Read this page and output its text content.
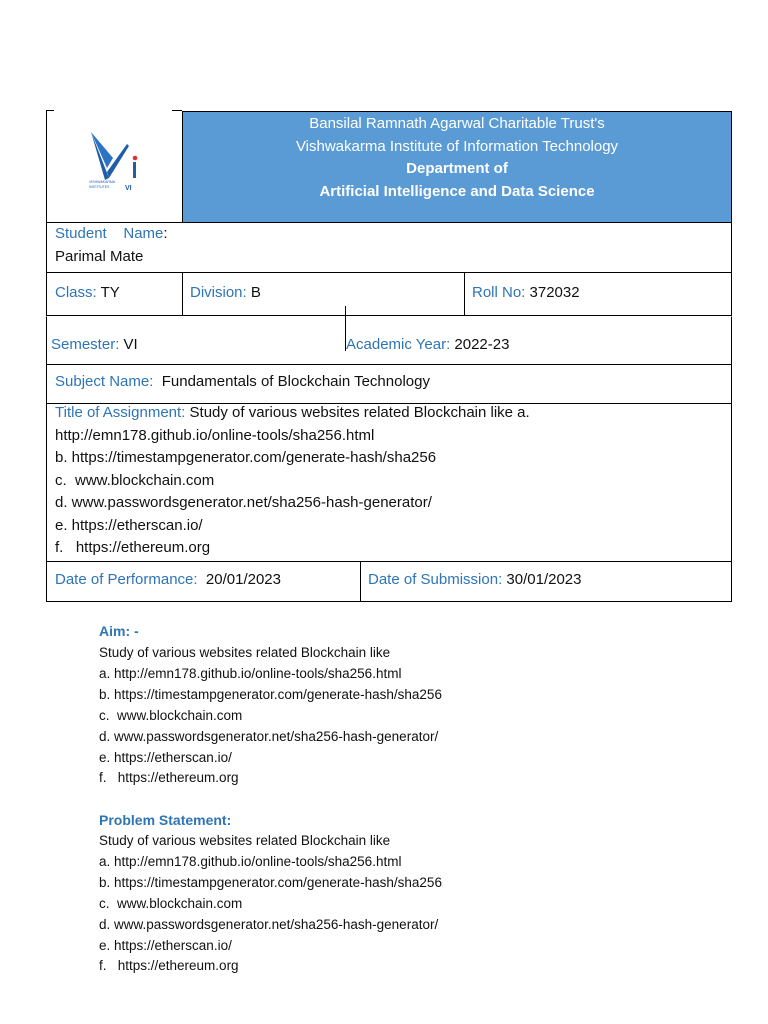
VISHWAKARMA
INSTITUTES VI
Bansilal Ramnath Agarwal Charitable Trust's
Vishwakarma Institute of Information Technology
Department of
Artificial Intelligence and Data Science
Student    Name:
Parimal Mate
Class: TY	Division: B	Roll No: 372032
Semester: VI	Academic Year: 2022-23
Subject Name: Fundamentals of Blockchain Technology
Title of Assignment: Study of various websites related Blockchain like a.
http://emn178.github.io/online-tools/sha256.html
b. https://timestampgenerator.com/generate-hash/sha256
c.  www.blockchain.com
d. www.passwordsgenerator.net/sha256-hash-generator/
e. https://etherscan.io/
f.   https://ethereum.org
Date of Performance: 20/01/2023	Date of Submission: 30/01/2023
Aim: -
Study of various websites related Blockchain like
a. http://emn178.github.io/online-tools/sha256.html
b. https://timestampgenerator.com/generate-hash/sha256
c.  www.blockchain.com
d. www.passwordsgenerator.net/sha256-hash-generator/
e. https://etherscan.io/
f.   https://ethereum.org
Problem Statement:
Study of various websites related Blockchain like
a. http://emn178.github.io/online-tools/sha256.html
b. https://timestampgenerator.com/generate-hash/sha256
c.  www.blockchain.com
d. www.passwordsgenerator.net/sha256-hash-generator/
e. https://etherscan.io/
f.   https://ethereum.org
